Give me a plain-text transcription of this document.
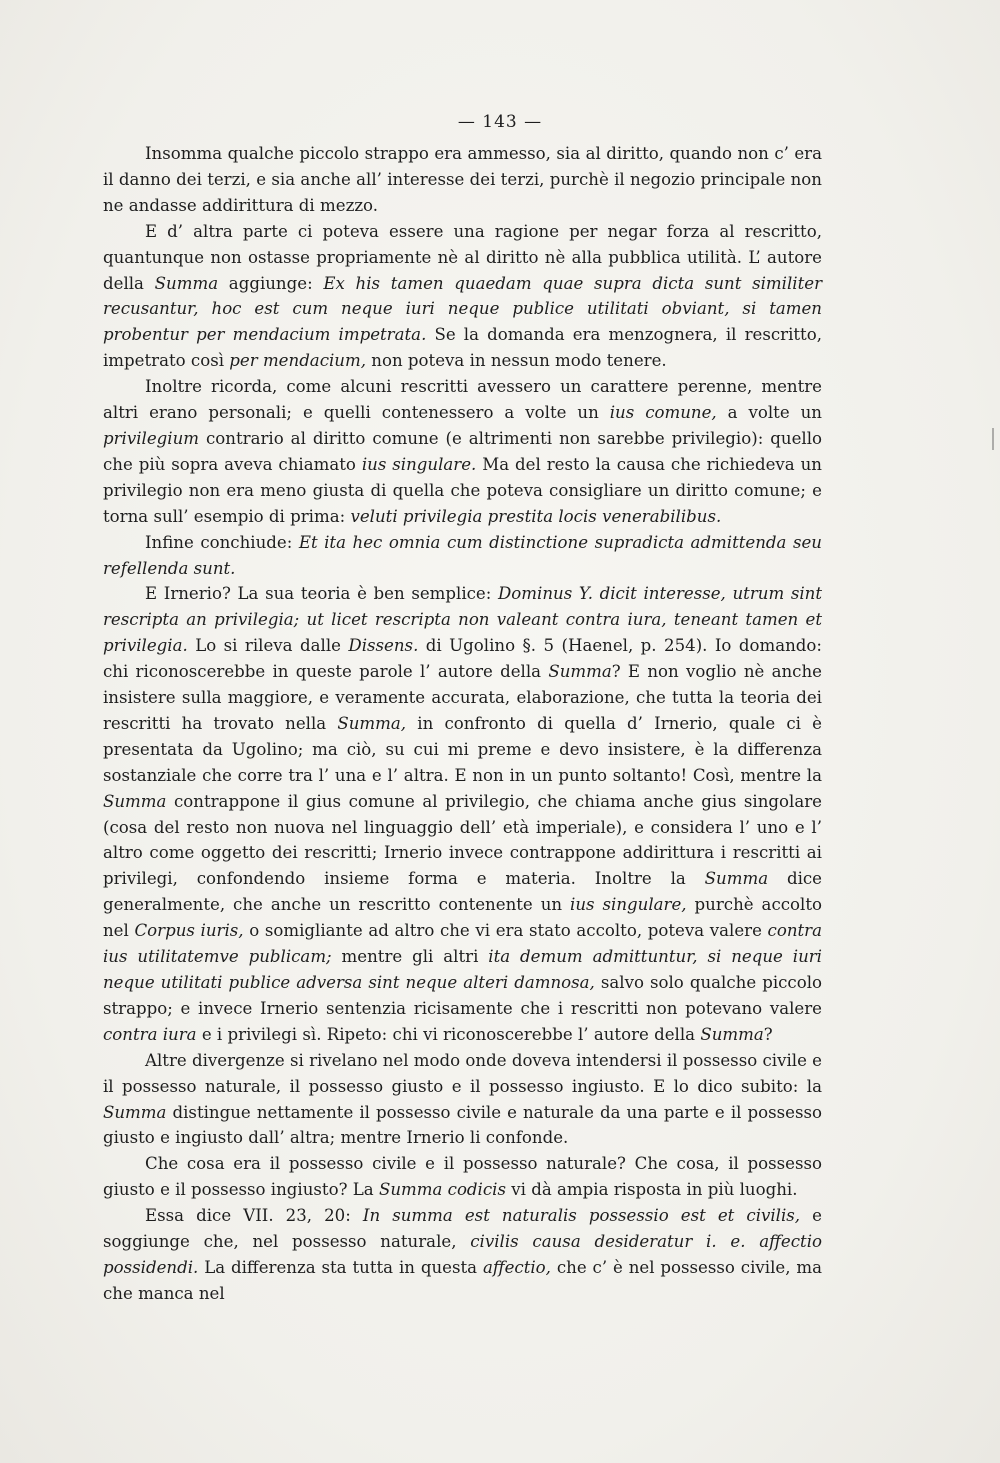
— 143 —

Insomma qualche piccolo strappo era ammesso, sia al diritto, quando non c’ era il danno dei terzi, e sia anche all’ interesse dei terzi, purchè il negozio principale non ne andasse addirittura di mezzo.

E d’ altra parte ci poteva essere una ragione per negar forza al rescritto, quantunque non ostasse propriamente nè al diritto nè alla pubblica utilità. L’ autore della Summa aggiunge: Ex his tamen quaedam quae supra dicta sunt similiter recusantur, hoc est cum neque iuri neque publice utilitati obviant, si tamen probentur per mendacium impetrata. Se la domanda era menzognera, il rescritto, impetrato così per mendacium, non poteva in nessun modo tenere.

Inoltre ricorda, come alcuni rescritti avessero un carattere perenne, mentre altri erano personali; e quelli contenessero a volte un ius comune, a volte un privilegium contrario al diritto comune (e altrimenti non sarebbe privilegio): quello che più sopra aveva chiamato ius singulare. Ma del resto la causa che richiedeva un privilegio non era meno giusta di quella che poteva consigliare un diritto comune; e torna sull’ esempio di prima: veluti privilegia prestita locis venerabilibus.

Infine conchiude: Et ita hec omnia cum distinctione supradicta admittenda seu refellenda sunt.

E Irnerio? La sua teoria è ben semplice: Dominus Y. dicit interesse, utrum sint rescripta an privilegia; ut licet rescripta non valeant contra iura, teneant tamen et privilegia. Lo si rileva dalle Dissens. di Ugolino §. 5 (Haenel, p. 254). Io domando: chi riconoscerebbe in queste parole l’ autore della Summa? E non voglio nè anche insistere sulla maggiore, e veramente accurata, elaborazione, che tutta la teoria dei rescritti ha trovato nella Summa, in confronto di quella d’ Irnerio, quale ci è presentata da Ugolino; ma ciò, su cui mi preme e devo insistere, è la differenza sostanziale che corre tra l’ una e l’ altra. E non in un punto soltanto! Così, mentre la Summa contrappone il gius comune al privilegio, che chiama anche gius singolare (cosa del resto non nuova nel linguaggio dell’ età imperiale), e considera l’ uno e l’ altro come oggetto dei rescritti; Irnerio invece contrappone addirittura i rescritti ai privilegi, confondendo insieme forma e materia. Inoltre la Summa dice generalmente, che anche un rescritto contenente un ius singulare, purchè accolto nel Corpus iuris, o somigliante ad altro che vi era stato accolto, poteva valere contra ius utilitatemve publicam; mentre gli altri ita demum admittuntur, si neque iuri neque utilitati publice adversa sint neque alteri damnosa, salvo solo qualche piccolo strappo; e invece Irnerio sentenzia ricisamente che i rescritti non potevano valere contra iura e i privilegi sì. Ripeto: chi vi riconoscerebbe l’ autore della Summa?

Altre divergenze si rivelano nel modo onde doveva intendersi il possesso civile e il possesso naturale, il possesso giusto e il possesso ingiusto. E lo dico subito: la Summa distingue nettamente il possesso civile e naturale da una parte e il possesso giusto e ingiusto dall’ altra; mentre Irnerio li confonde.

Che cosa era il possesso civile e il possesso naturale? Che cosa, il possesso giusto e il possesso ingiusto? La Summa codicis vi dà ampia risposta in più luoghi.

Essa dice VII. 23, 20: In summa est naturalis possessio est et civilis, e soggiunge che, nel possesso naturale, civilis causa desideratur i. e. affectio possidendi. La differenza sta tutta in questa affectio, che c’ è nel possesso civile, ma che manca nel
